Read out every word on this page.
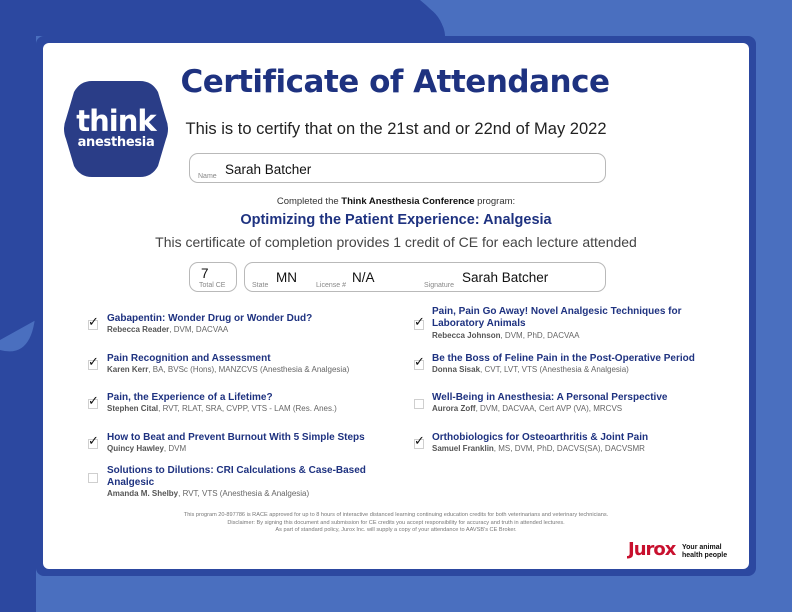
think
anesthesia
Certificate of Attendance
This is to certify that on the 21st and or 22nd of May 2022
Name Sarah Batcher
Completed the Think Anesthesia Conference program:
Optimizing the Patient Experience: Analgesia
This certificate of completion provides 1 credit of CE for each lecture attended
7
Total CE	State
MN
License #
N/A
Signature
Sarah Batcher
✓ Gabapentin: Wonder Drug or Wonder Dud?
Rebecca Reader, DVM, DACVAA
✓ Pain Recognition and Assessment
Karen Kerr, BA, BVSc (Hons), MANZCVS (Anesthesia & Analgesia)
✓ Pain, the Experience of a Lifetime?
Stephen Cital, RVT, RLAT, SRA, CVPP, VTS - LAM (Res. Anes.)
✓ How to Beat and Prevent Burnout With 5 Simple Steps
Quincy Hawley, DVM
Solutions to Dilutions: CRI Calculations & Case-Based Analgesic
Amanda M. Shelby, RVT, VTS (Anesthesia & Analgesia)
✓
Pain, Pain Go Away! Novel Analgesic Techniques for Laboratory Animals
Rebecca Johnson, DVM, PhD, DACVAA
✓ Be the Boss of Feline Pain in the Post-Operative Period
Donna Sisak, CVT, LVT, VTS (Anesthesia & Analgesia)
Well-Being in Anesthesia: A Personal Perspective
Aurora Zoff, DVM, DACVAA, Cert AVP (VA), MRCVS
✓ Orthobiologics for Osteoarthritis & Joint Pain
Samuel Franklin, MS, DVM, PhD, DACVS(SA), DACVSMR
This program 20-897786 is RACE approved for up to 8 hours of interactive distanced learning continuing education credits for both veterinarians and veterinary technicians.
Disclaimer: By signing this document and submission for CE credits you accept responsibility for accuracy and truth in attended lectures.
As part of standard policy, Jurox Inc. will supply a copy of your attendance to AAVSB's CE Broker.
Jurox Your animal
health people
